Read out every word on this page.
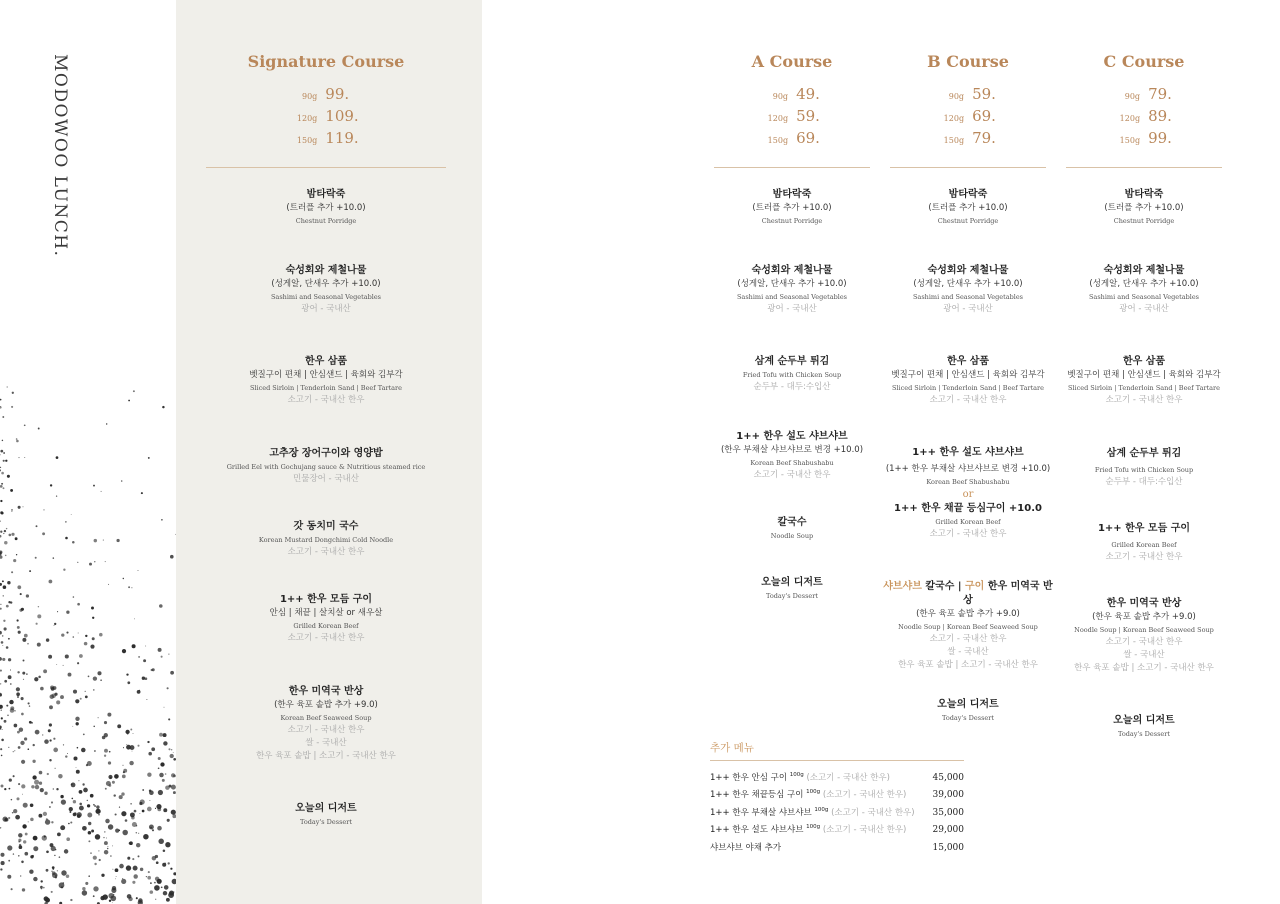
MODOWOO LUNCH.	Signature Course
90g 99.
120g 109.
150g 119.
밤타락죽
(트러플 추가 +10.0)
Chestnut Porridge
숙성회와 제철나물
(성게알, 단새우 추가 +10.0)
Sashimi and Seasonal Vegetables
광어 - 국내산
한우 삼품
벳질구이 편채 | 안심샌드 | 육회와 김부각
Sliced Sirloin | Tenderloin Sand | Beef Tartare
소고기 - 국내산 한우
고추장 장어구이와 영양밥
Grilled Eel with Gochujang sauce & Nutritious steamed rice
민물장어 - 국내산
갓 동치미 국수
Korean Mustard Dongchimi Cold Noodle
소고기 - 국내산 한우
1++ 한우 모듬 구이
안심 | 채끝 | 살치살 or 새우살
Grilled Korean Beef
소고기 - 국내산 한우
한우 미역국 반상
(한우 육포 솥밥 추가 +9.0)
Korean Beef Seaweed Soup
소고기 - 국내산 한우
쌀 - 국내산
한우 육포 솥밥 | 소고기 - 국내산 한우
오늘의 디저트
Today's Dessert
A Course
90g 49.
120g 59.
150g 69.
밤타락죽
(트러플 추가 +10.0)
Chestnut Porridge
숙성회와 제철나물
(성게알, 단새우 추가 +10.0)
Sashimi and Seasonal Vegetables
광어 - 국내산
삼계 순두부 튀김
Fried Tofu with Chicken Soup
순두부 - 대두:수입산
1++ 한우 설도 샤브샤브
(한우 부채살 샤브샤브로 변경 +10.0)
Korean Beef Shabushabu
소고기 - 국내산 한우
칼국수
Noodle Soup
오늘의 디저트
Today's Dessert
B Course
90g 59.
120g 69.
150g 79.
밤타락죽
(트러플 추가 +10.0)
Chestnut Porridge
숙성회와 제철나물
(성게알, 단새우 추가 +10.0)
Sashimi and Seasonal Vegetables
광어 - 국내산
한우 삼품
벳질구이 편채 | 안심샌드 | 육회와 김부각
Sliced Sirloin | Tenderloin Sand | Beef Tartare
소고기 - 국내산 한우
1++ 한우 설도 샤브샤브
(1++ 한우 부채살 샤브샤브로 변경 +10.0)
Korean Beef Shabushabu
or
1++ 한우 채끝 등심구이 +10.0
Grilled Korean Beef
소고기 - 국내산 한우
샤브샤브 칼국수 | 구이 한우 미역국 반상
(한우 육포 솥밥 추가 +9.0)
Noodle Soup | Korean Beef Seaweed Soup
소고기 - 국내산 한우
쌀 - 국내산
한우 육포 솥밥 | 소고기 - 국내산 한우
오늘의 디저트
Today's Dessert
C Course
90g 79.
120g 89.
150g 99.
밤타락죽
(트러플 추가 +10.0)
Chestnut Porridge
숙성회와 제철나물
(성게알, 단새우 추가 +10.0)
Sashimi and Seasonal Vegetables
광어 - 국내산
한우 삼품
벳질구이 편채 | 안심샌드 | 육회와 김부각
Sliced Sirloin | Tenderloin Sand | Beef Tartare
소고기 - 국내산 한우
삼계 순두부 튀김
Fried Tofu with Chicken Soup
순두부 - 대두:수입산
1++ 한우 모듬 구이
Grilled Korean Beef
소고기 - 국내산 한우
한우 미역국 반상
(한우 육포 솥밥 추가 +9.0)
Noodle Soup | Korean Beef Seaweed Soup
소고기 - 국내산 한우
쌀 - 국내산
한우 육포 솥밥 | 소고기 - 국내산 한우
오늘의 디저트
Today's Dessert
추가 메뉴
1++ 한우 안심 구이 $^{100g}$ (소고기 - 국내산 한우)	45,000
1++ 한우 채끝등심 구이 $^{100g}$ (소고기 - 국내산 한우)	39,000
1++ 한우 부채살 샤브샤브 $^{100g}$ (소고기 - 국내산 한우) 35,000
1++ 한우 설도 샤브샤브 $^{100g}$ (소고기 - 국내산 한우)	29,000
샤브샤브 야채 추가	15,000
